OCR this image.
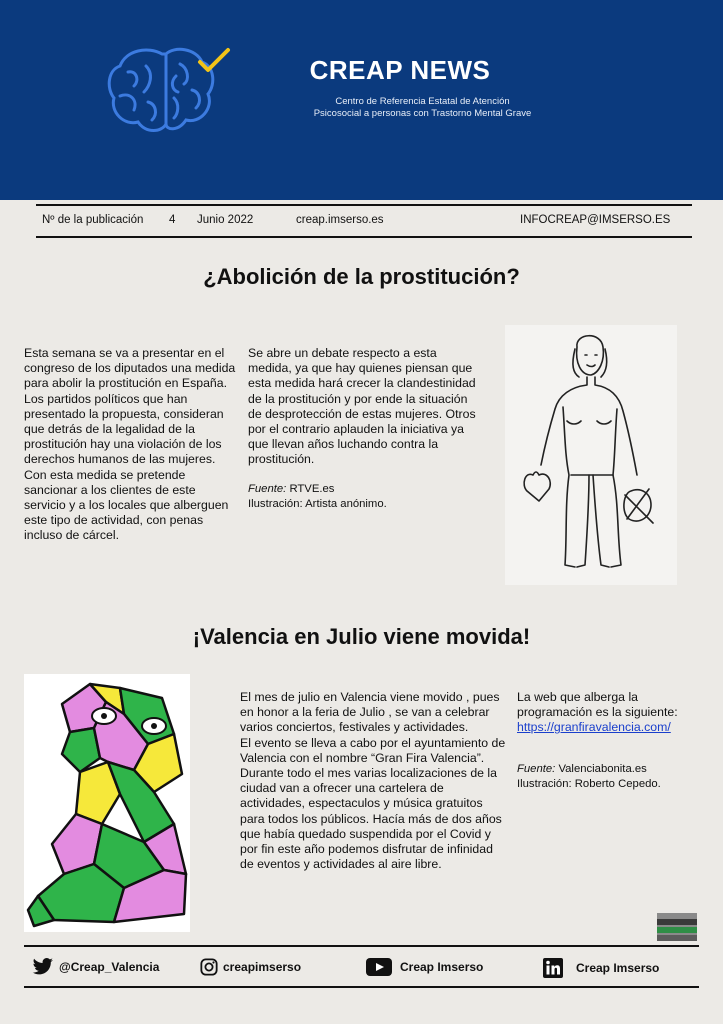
CREAP NEWS
Centro de Referencia Estatal de Atención
Psicosocial a personas con Trastorno Mental Grave
Nº de la publicación 4 Junio 2022	creap.imserso.es	INFOCREAP@IMSERSO.ES
¿Abolición de la prostitución?

Esta semana se va a presentar en el congreso de los diputados una medida para abolir la prostitución en España. Los partidos políticos que han presentado la propuesta, consideran que detrás de la legalidad de la prostitución hay una violación de los derechos humanos de las mujeres. Con esta medida se pretende sancionar a los clientes de este servicio y a los locales que alberguen este tipo de actividad, con penas incluso de cárcel.

Se abre un debate respecto a esta medida, ya que hay quienes piensan que esta medida hará crecer la clandestinidad de la prostitución y por ende la situación de desprotección de estas mujeres. Otros por el contrario aplauden la iniciativa ya que llevan años luchando contra la prostitución.

Fuente: RTVE.es

Ilustración: Artista anónimo.

¡Valencia en Julio viene movida!

El mes de julio en Valencia viene movido , pues en honor a la feria de Julio , se van a celebrar varios conciertos, festivales y actividades.

El evento se lleva a cabo por el ayuntamiento de Valencia con el nombre “Gran Fira Valencia”.

Durante todo el mes varias localizaciones de la ciudad van a ofrecer una cartelera de actividades, espectaculos y música gratuitos para todos los públicos. Hacía más de dos años que había quedado suspendida por el Covid y por fin este año podemos disfrutar de infinidad de eventos y actividades al aire libre.

La web que alberga la programación es la siguiente:

https://granfiravalencia.com/

Fuente: Valenciabonita.es

Ilustración: Roberto Cepedo.

@Creap_Valencia	creapimserso	Creap Imserso	Creap Imserso
